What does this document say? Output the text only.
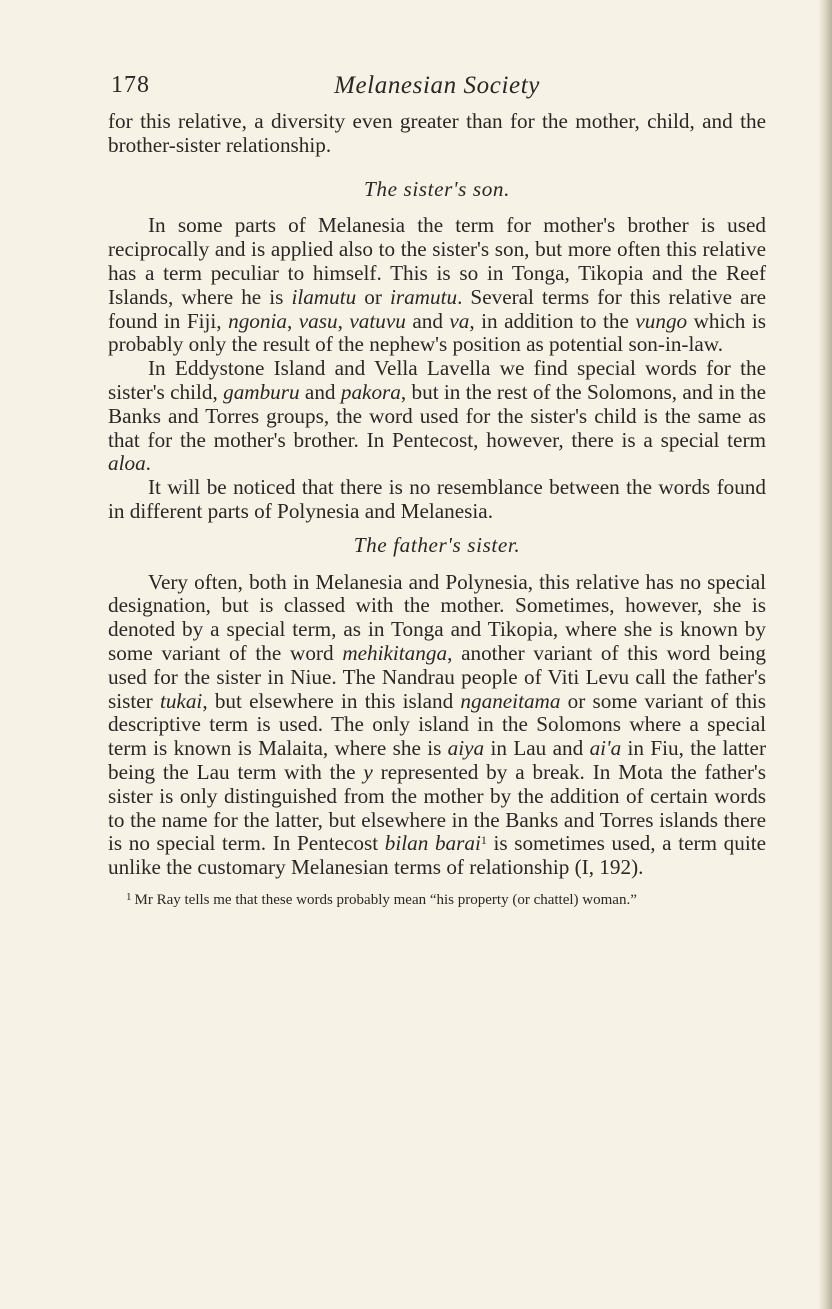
178	Melanesian Society

for this relative, a diversity even greater than for the mother, child, and the brother-sister relationship.

The sister's son.

In some parts of Melanesia the term for mother's brother is used reciprocally and is applied also to the sister's son, but more often this relative has a term peculiar to himself. This is so in Tonga, Tikopia and the Reef Islands, where he is ilamutu or iramutu. Several terms for this relative are found in Fiji, ngonia, vasu, vatuvu and va, in addition to the vungo which is probably only the result of the nephew's position as potential son-in-law.

In Eddystone Island and Vella Lavella we find special words for the sister's child, gamburu and pakora, but in the rest of the Solomons, and in the Banks and Torres groups, the word used for the sister's child is the same as that for the mother's brother. In Pentecost, however, there is a special term aloa.

It will be noticed that there is no resemblance between the words found in different parts of Polynesia and Melanesia.

The father's sister.

Very often, both in Melanesia and Polynesia, this relative has no special designation, but is classed with the mother. Sometimes, however, she is denoted by a special term, as in Tonga and Tikopia, where she is known by some variant of the word mehikitanga, another variant of this word being used for the sister in Niue. The Nandrau people of Viti Levu call the father's sister tukai, but elsewhere in this island nganeitama or some variant of this descriptive term is used. The only island in the Solomons where a special term is known is Malaita, where she is aiya in Lau and ai'a in Fiu, the latter being the Lau term with the y represented by a break. In Mota the father's sister is only distinguished from the mother by the addition of certain words to the name for the latter, but elsewhere in the Banks and Torres islands there is no special term. In Pentecost bilan barai$^1$ is sometimes used, a term quite unlike the customary Melanesian terms of relationship (I, 192).

$^1$ Mr Ray tells me that these words probably mean “his property (or chattel) woman.”
